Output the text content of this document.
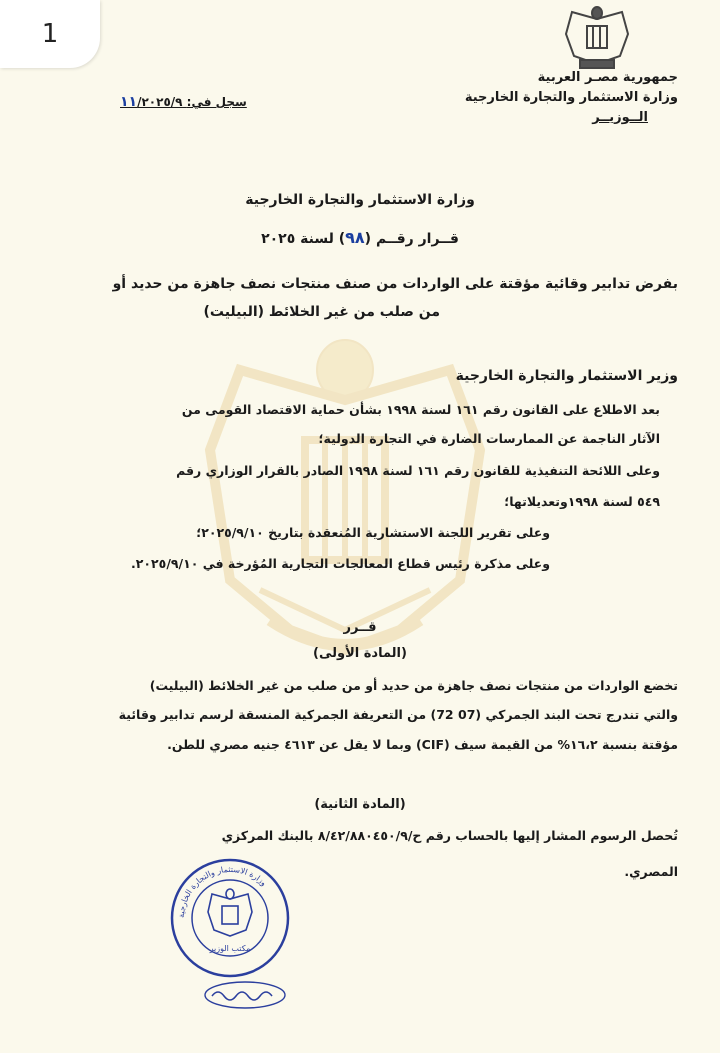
1
جمهورية مصـر العربية
وزارة الاستثمار والتجارة الخارجية
الــوزيــر
سجل في: ١١/٢٠٢٥/٩
وزارة الاستثمار والتجارة الخارجية
قــرار رقــم (٩٨) لسنة ٢٠٢٥
بفرض تدابير وقائية مؤقتة على الواردات من صنف منتجات نصف جاهزة من حديد أو
من صلب من غير الخلائط (البيليت)
وزير الاستثمار والتجارة الخارجية
بعد الاطلاع على القانون رقم ١٦١ لسنة ١٩٩٨ بشأن حماية الاقتصاد القومى من
الآثار الناجمة عن الممارسات الضارة في التجارة الدولية؛
وعلى اللائحة التنفيذية للقانون رقم ١٦١ لسنة ١٩٩٨ الصادر بالقرار الوزاري رقم
٥٤٩ لسنة ١٩٩٨وتعديلاتها؛
وعلى تقرير اللجنة الاستشارية المُنعقدة بتاريخ ٢٠٢٥/٩/١٠؛
وعلى مذكرة رئيس قطاع المعالجات التجارية المُؤرخة في ٢٠٢٥/٩/١٠.
قــرر
(المادة الأولى)
تخضع الواردات من منتجات نصف جاهزة من حديد أو من صلب من غير الخلائط (البيليت)
والتي تندرج تحت البند الجمركي (07 72) من التعريفة الجمركية المنسقة لرسم تدابير وقائية
مؤقتة بنسبة ١٦،٢% من القيمة سيف (CIF) وبما لا يقل عن ٤٦١٣ جنيه مصري للطن.
(المادة الثانية)
تُحصل الرسوم المشار إليها بالحساب رقم ح/٨/٤٢/٨٨٠٤٥٠/٩ بالبنك المركزي
المصري.
وزارة الاستثمار والتجارة الخارجية
مكتب الوزير
